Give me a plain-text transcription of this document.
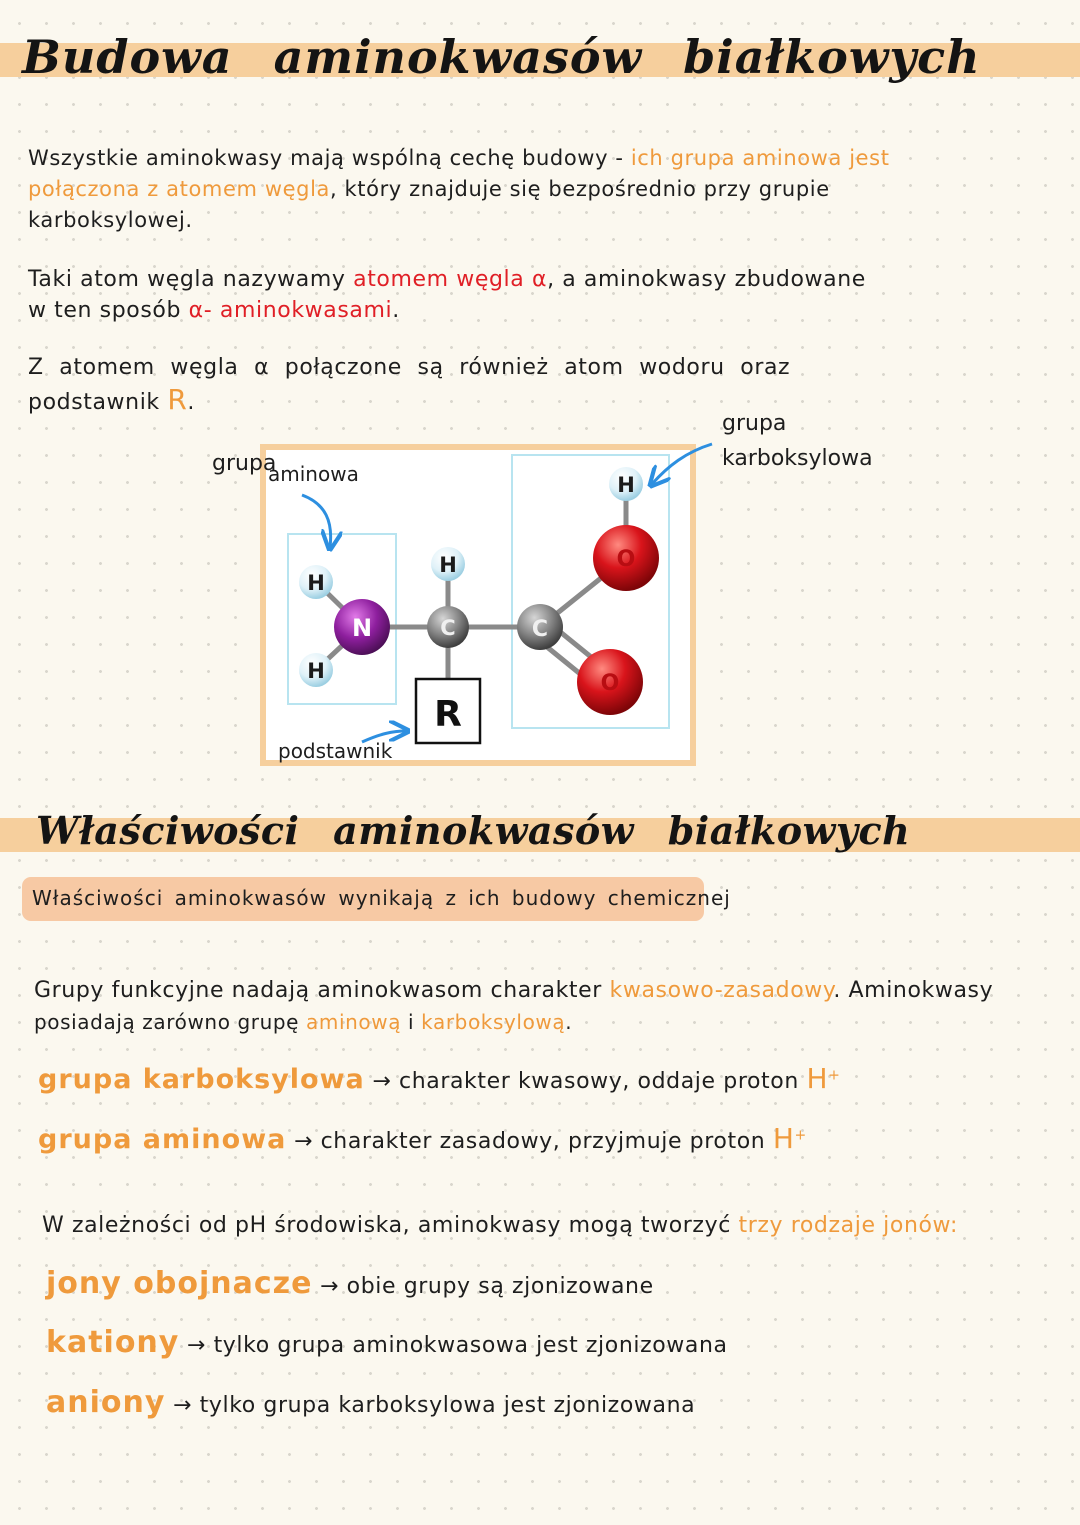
Budowa aminokwasów białkowych

Wszystkie aminokwasy mają wspólną cechę budowy - ich grupa aminowa jest

połączona z atomem węgla, który znajduje się bezpośrednio przy grupie

karboksylowej.

Taki atom węgla nazywamy atomem węgla α, a aminokwasy zbudowane

w ten sposób α- aminokwasami.

Z atomem węgla α połączone są również atom wodoru oraz

podstawnik R.

H
H
H
H
N	C	C
O
O
R
grupa
aminowa
grupa
karboksylowa
podstawnik
Właściwości aminokwasów białkowych

Właściwości aminokwasów wynikają z ich budowy chemicznej

Grupy funkcyjne nadają aminokwasom charakter kwasowo-zasadowy. Aminokwasy

posiadają zarówno grupę aminową i karboksylową.

grupa karboksylowa → charakter kwasowy, oddaje proton H+

grupa aminowa → charakter zasadowy, przyjmuje proton H+

W zależności od pH środowiska, aminokwasy mogą tworzyć trzy rodzaje jonów:

jony obojnacze → obie grupy są zjonizowane

kationy → tylko grupa aminokwasowa jest zjonizowana

aniony → tylko grupa karboksylowa jest zjonizowana
